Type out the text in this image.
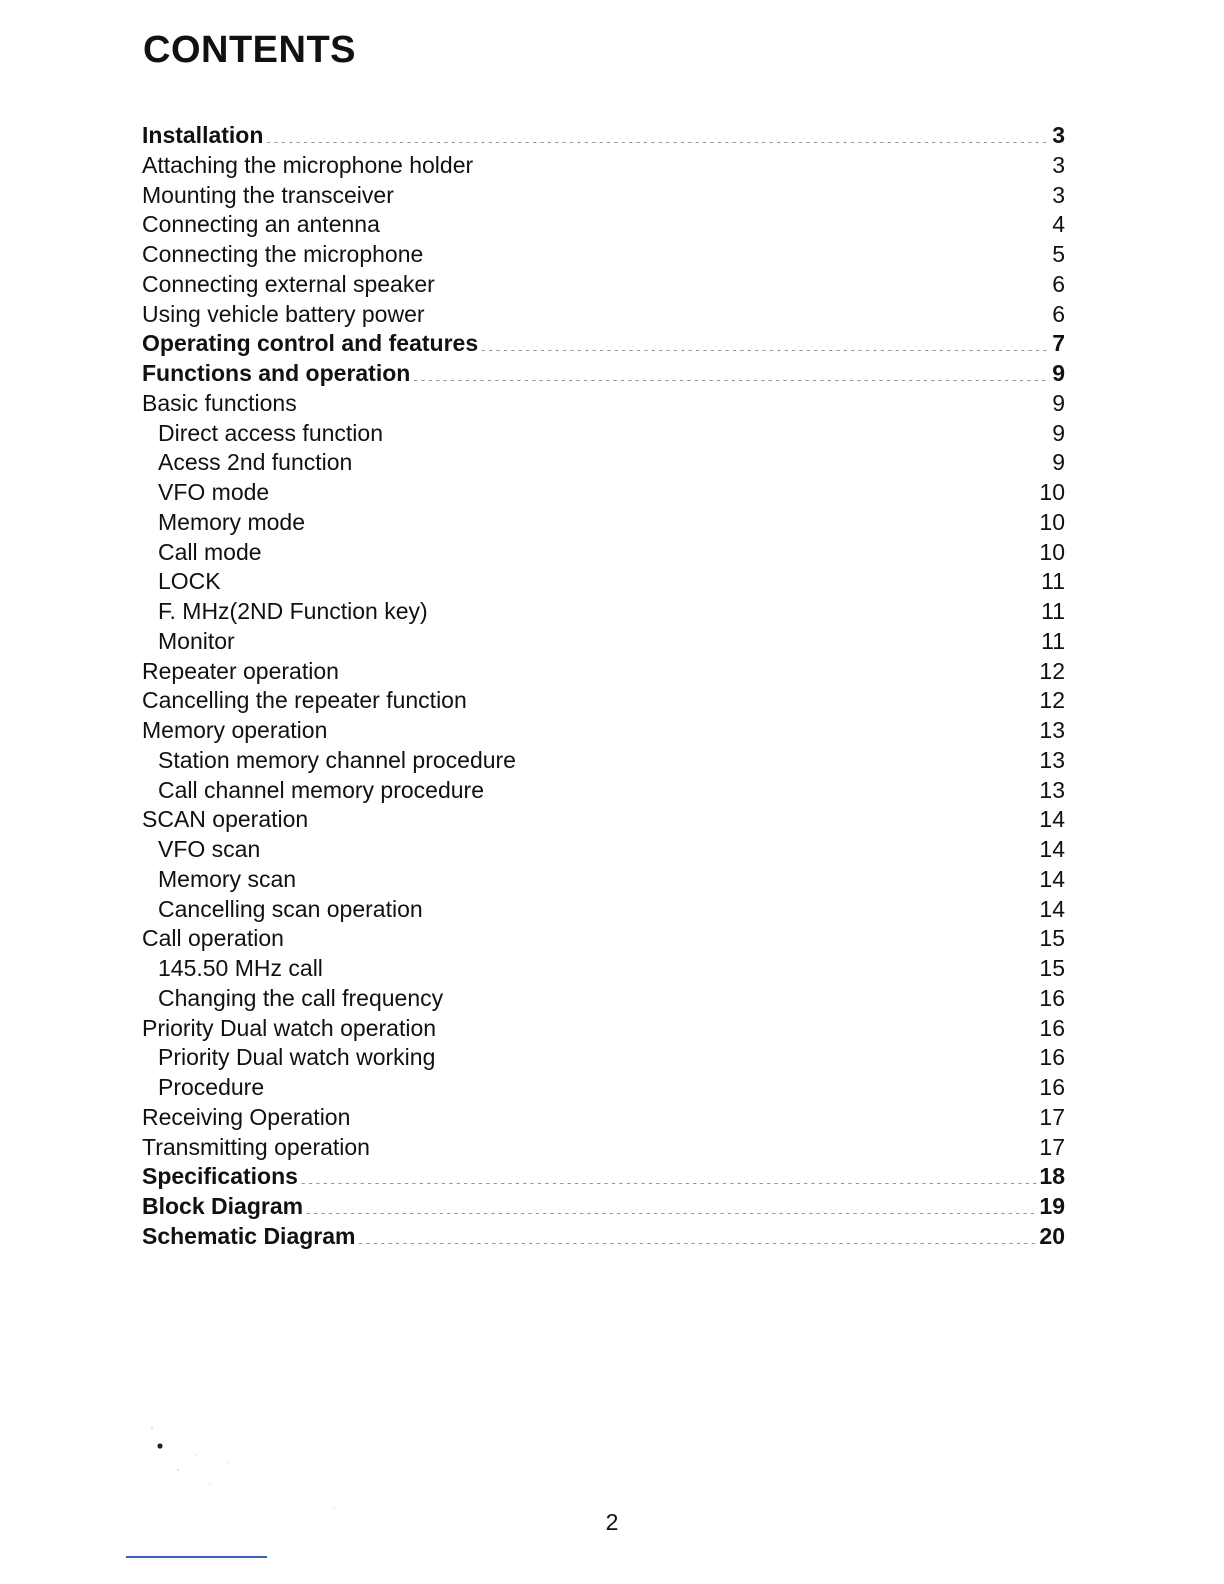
CONTENTS
Installation .....	3
Attaching the microphone holder .....	3
Mounting the transceiver .....	3
Connecting an antenna .....	4
Connecting the microphone .....	5
Connecting external speaker .....	6
Using vehicle battery power .....	6
Operating control and features .....	7
Functions and operation .....	9
Basic functions .....	9
Direct access function .....	9
Acess 2nd function .....	9
VFO mode .....	10
Memory mode .....	10
Call mode .....	10
LOCK .....	11
F. MHz(2ND Function key) .....	11
Monitor .....	11
Repeater operation .....	12
Cancelling the repeater function .....	12
Memory operation .....	13
Station memory channel procedure .....	13
Call channel memory procedure .....	13
SCAN operation .....	14
VFO scan .....	14
Memory scan .....	14
Cancelling scan operation .....	14
Call operation .....	15
145.50 MHz call .....	15
Changing the call frequency .....	16
Priority Dual watch operation .....	16
Priority Dual watch working .....	16
Procedure .....	16
Receiving Operation .....	17
Transmitting operation .....	17
Specifications .....	18
Block Diagram .....	19
Schematic Diagram .....	20

2
